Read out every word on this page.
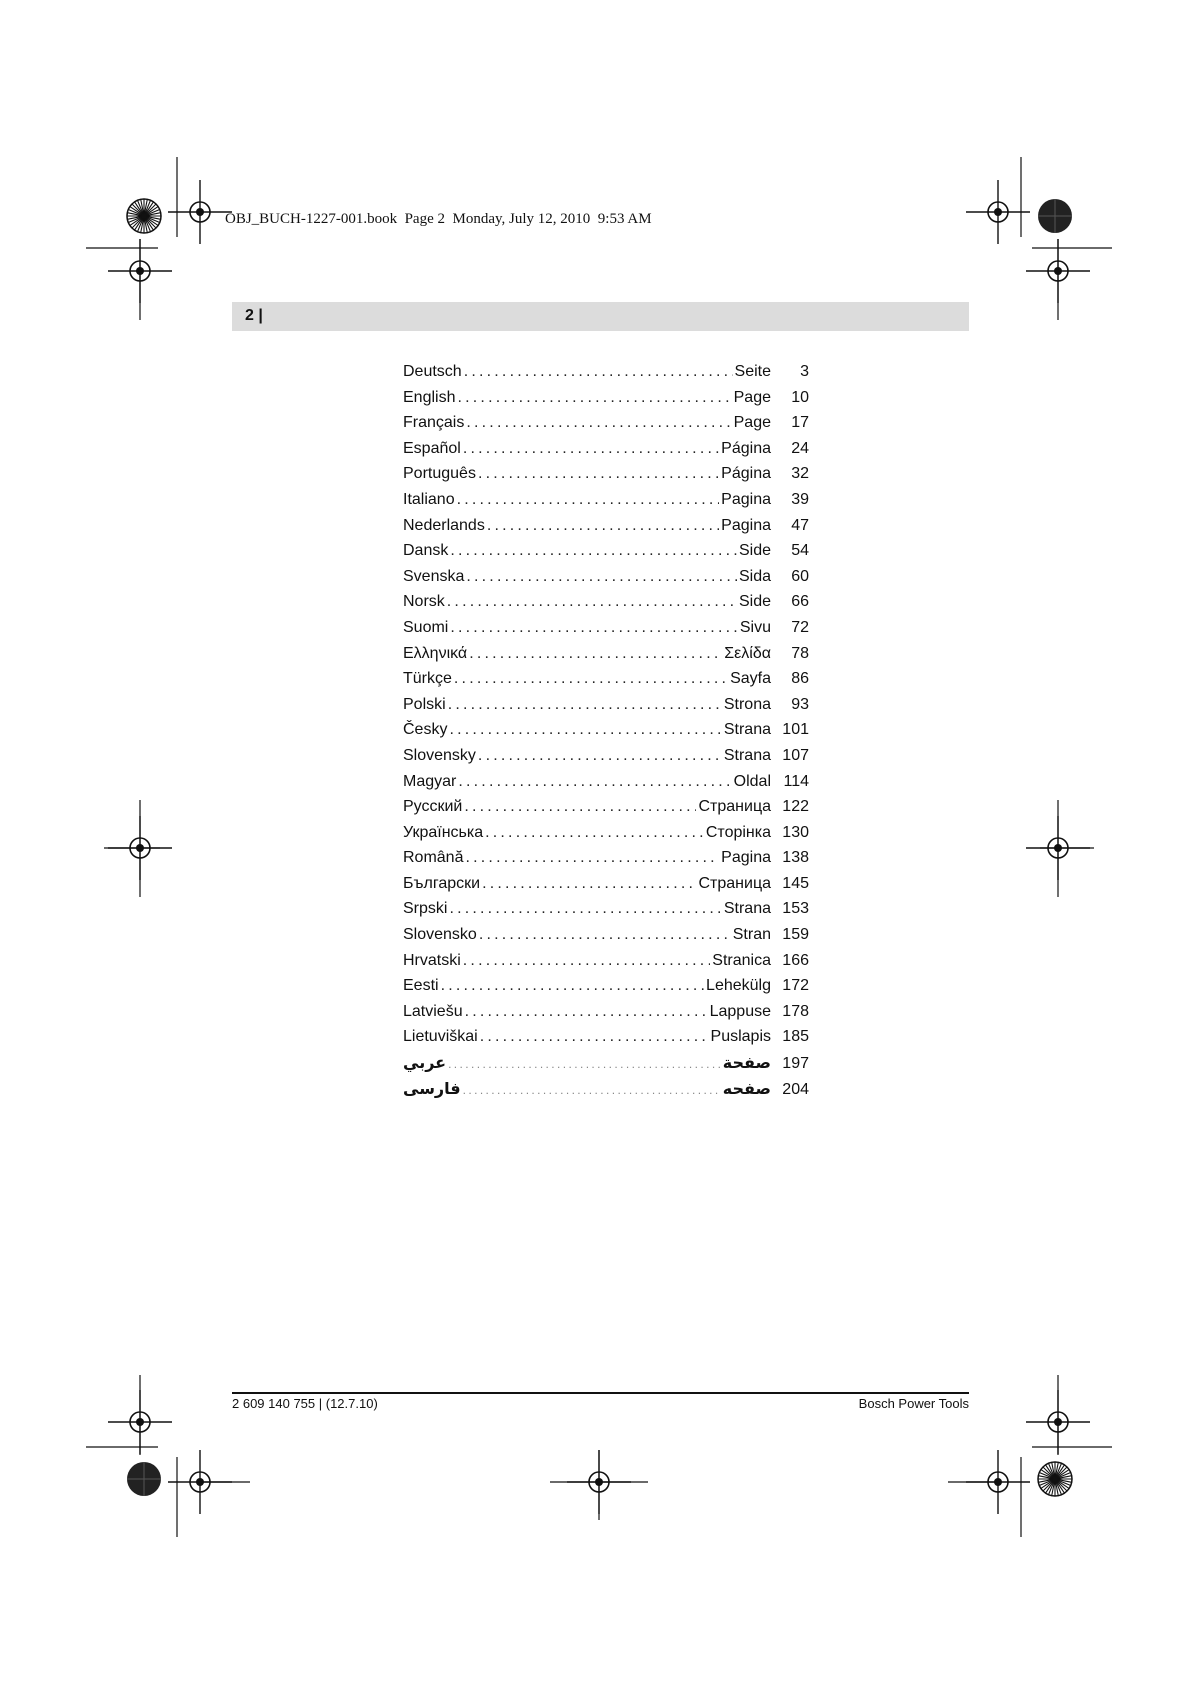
OBJ_BUCH-1227-001.book  Page 2  Monday, July 12, 2010  9:53 AM
2 |
Deutsch .....	Seite	3
English .....	Page	10
Français .....	Page	17
Español .....	Página	24
Português .....	Página	32
Italiano .....	Pagina	39
Nederlands .....	Pagina	47
Dansk .....	Side	54
Svenska .....	Sida	60
Norsk .....	Side	66
Suomi .....	Sivu	72
Ελληνικά .....	Σελίδα	78
Türkçe .....	Sayfa	86
Polski .....	Strona	93
Česky .....	Strana 101
Slovensky .....	Strana 107
Magyar .....	Oldal 114
Русский .....	Страница 122
Українська .....	Сторінка 130
Română .....	Pagina 138
Български .....	Страница 145
Srpski .....	Strana 153
Slovensko .....	Stran 159
Hrvatski .....	Stranica 166
Eesti .....	Lehekülg 172
Latviešu .....	Lappuse 178
Lietuviškai .....	Puslapis 185
عربي .....	صفحة 197
فارسی .....	صفحه 204
2 609 140 755 | (12.7.10)	Bosch Power Tools
